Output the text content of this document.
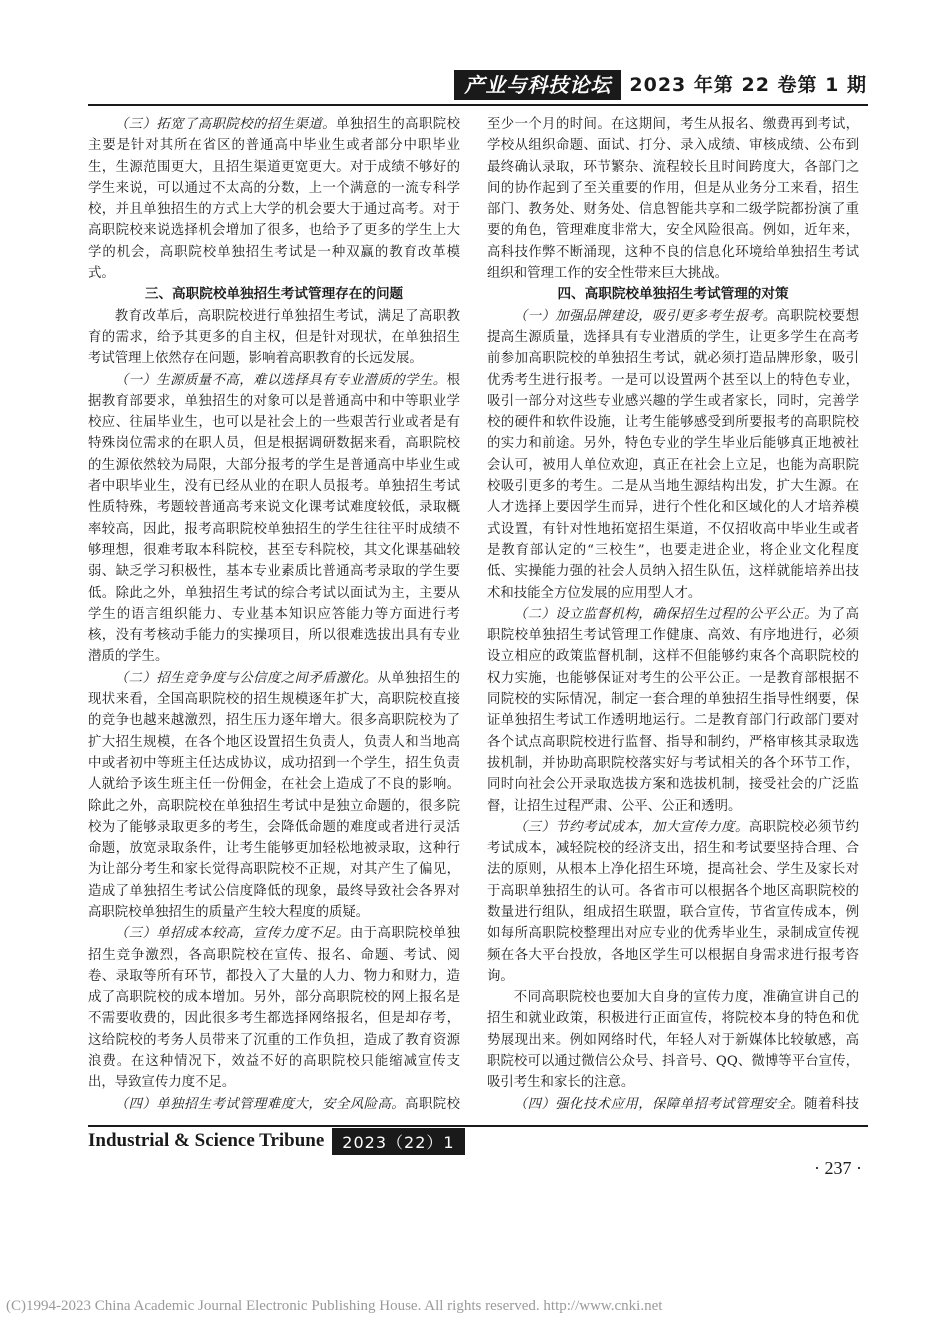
产业与科技论坛 2023 年第 22 卷第 1 期

（三）拓宽了高职院校的招生渠道。单独招生的高职院校主要是针对其所在省区的普通高中毕业生或者部分中职毕业生，生源范围更大，且招生渠道更宽更大。对于成绩不够好的学生来说，可以通过不太高的分数，上一个满意的一流专科学校，并且单独招生的方式上大学的机会要大于通过高考。对于高职院校来说选择机会增加了很多，也给予了更多的学生上大学的机会，高职院校单独招生考试是一种双赢的教育改革模式。

三、高职院校单独招生考试管理存在的问题

教育改革后，高职院校进行单独招生考试，满足了高职教育的需求，给予其更多的自主权，但是针对现状，在单独招生考试管理上依然存在问题，影响着高职教育的长远发展。

（一）生源质量不高，难以选择具有专业潜质的学生。根据教育部要求，单独招生的对象可以是普通高中和中等职业学校应、往届毕业生，也可以是社会上的一些艰苦行业或者是有特殊岗位需求的在职人员，但是根据调研数据来看，高职院校的生源依然较为局限，大部分报考的学生是普通高中毕业生或者中职毕业生，没有已经从业的在职人员报考。单独招生考试性质特殊，考题较普通高考来说文化课考试难度较低，录取概率较高，因此，报考高职院校单独招生的学生往往平时成绩不够理想，很难考取本科院校，甚至专科院校，其文化课基础较弱、缺乏学习积极性，基本专业素质比普通高考录取的学生要低。除此之外，单独招生考试的综合考试以面试为主，主要从学生的语言组织能力、专业基本知识应答能力等方面进行考核，没有考核动手能力的实操项目，所以很难选拔出具有专业潜质的学生。

（二）招生竞争度与公信度之间矛盾激化。从单独招生的现状来看，全国高职院校的招生规模逐年扩大，高职院校直接的竞争也越来越激烈，招生压力逐年增大。很多高职院校为了扩大招生规模，在各个地区设置招生负责人，负责人和当地高中或者初中等班主任达成协议，成功招到一个学生，招生负责人就给予该生班主任一份佣金，在社会上造成了不良的影响。除此之外，高职院校在单独招生考试中是独立命题的，很多院校为了能够录取更多的考生，会降低命题的难度或者进行灵活命题，放宽录取条件，让考生能够更加轻松地被录取，这种行为让部分考生和家长觉得高职院校不正规，对其产生了偏见，造成了单独招生考试公信度降低的现象，最终导致社会各界对高职院校单独招生的质量产生较大程度的质疑。

（三）单招成本较高，宣传力度不足。由于高职院校单独招生竞争激烈，各高职院校在宣传、报名、命题、考试、阅卷、录取等所有环节，都投入了大量的人力、物力和财力，造成了高职院校的成本增加。另外，部分高职院校的网上报名是不需要收费的，因此很多考生都选择网络报名，但是却存考，这给院校的考务人员带来了沉重的工作负担，造成了教育资源浪费。在这种情况下，效益不好的高职院校只能缩减宣传支出，导致宣传力度不足。

（四）单独招生考试管理难度大，安全风险高。高职院校

至少一个月的时间。在这期间，考生从报名、缴费再到考试，学校从组织命题、面试、打分、录入成绩、审核成绩、公布到最终确认录取，环节繁杂、流程较长且时间跨度大，各部门之间的协作起到了至关重要的作用，但是从业务分工来看，招生部门、教务处、财务处、信息智能共享和二级学院都扮演了重要的角色，管理难度非常大，安全风险很高。例如，近年来，高科技作弊不断涌现，这种不良的信息化环境给单独招生考试组织和管理工作的安全性带来巨大挑战。

四、高职院校单独招生考试管理的对策

（一）加强品牌建设，吸引更多考生报考。高职院校要想提高生源质量，选择具有专业潜质的学生，让更多学生在高考前参加高职院校的单独招生考试，就必须打造品牌形象，吸引优秀考生进行报考。一是可以设置两个甚至以上的特色专业，吸引一部分对这些专业感兴趣的学生或者家长，同时，完善学校的硬件和软件设施，让考生能够感受到所要报考的高职院校的实力和前途。另外，特色专业的学生毕业后能够真正地被社会认可，被用人单位欢迎，真正在社会上立足，也能为高职院校吸引更多的考生。二是从当地生源结构出发，扩大生源。在人才选择上要因学生而异，进行个性化和区域化的人才培养模式设置，有针对性地拓宽招生渠道，不仅招收高中毕业生或者是教育部认定的“三校生”，也要走进企业，将企业文化程度低、实操能力强的社会人员纳入招生队伍，这样就能培养出技术和技能全方位发展的应用型人才。

（二）设立监督机构，确保招生过程的公平公正。为了高职院校单独招生考试管理工作健康、高效、有序地进行，必须设立相应的政策监督机制，这样不但能够约束各个高职院校的权力实施，也能够保证对考生的公平公正。一是教育部根据不同院校的实际情况，制定一套合理的单独招生指导性纲要，保证单独招生考试工作透明地运行。二是教育部门行政部门要对各个试点高职院校进行监督、指导和制约，严格审核其录取选拔机制，并协助高职院校落实好与考试相关的各个环节工作，同时向社会公开录取选拔方案和选拔机制，接受社会的广泛监督，让招生过程严肃、公平、公正和透明。

（三）节约考试成本，加大宣传力度。高职院校必须节约考试成本，减轻院校的经济支出，招生和考试要坚持合理、合法的原则，从根本上净化招生环境，提高社会、学生及家长对于高职单独招生的认可。各省市可以根据各个地区高职院校的数量进行组队，组成招生联盟，联合宣传，节省宣传成本，例如每所高职院校整理出对应专业的优秀毕业生，录制成宣传视频在各大平台投放，各地区学生可以根据自身需求进行报考咨询。

不同高职院校也要加大自身的宣传力度，准确宣讲自己的招生和就业政策，积极进行正面宣传，将院校本身的特色和优势展现出来。例如网络时代，年轻人对于新媒体比较敏感，高职院校可以通过微信公众号、抖音号、QQ、微博等平台宣传，吸引考生和家长的注意。

（四）强化技术应用，保障单招考试管理安全。随着科技

Industrial & Science Tribune	2023（22）1
· 237 ·
(C)1994-2023 China Academic Journal Electronic Publishing House. All rights reserved. http://www.cnki.net
